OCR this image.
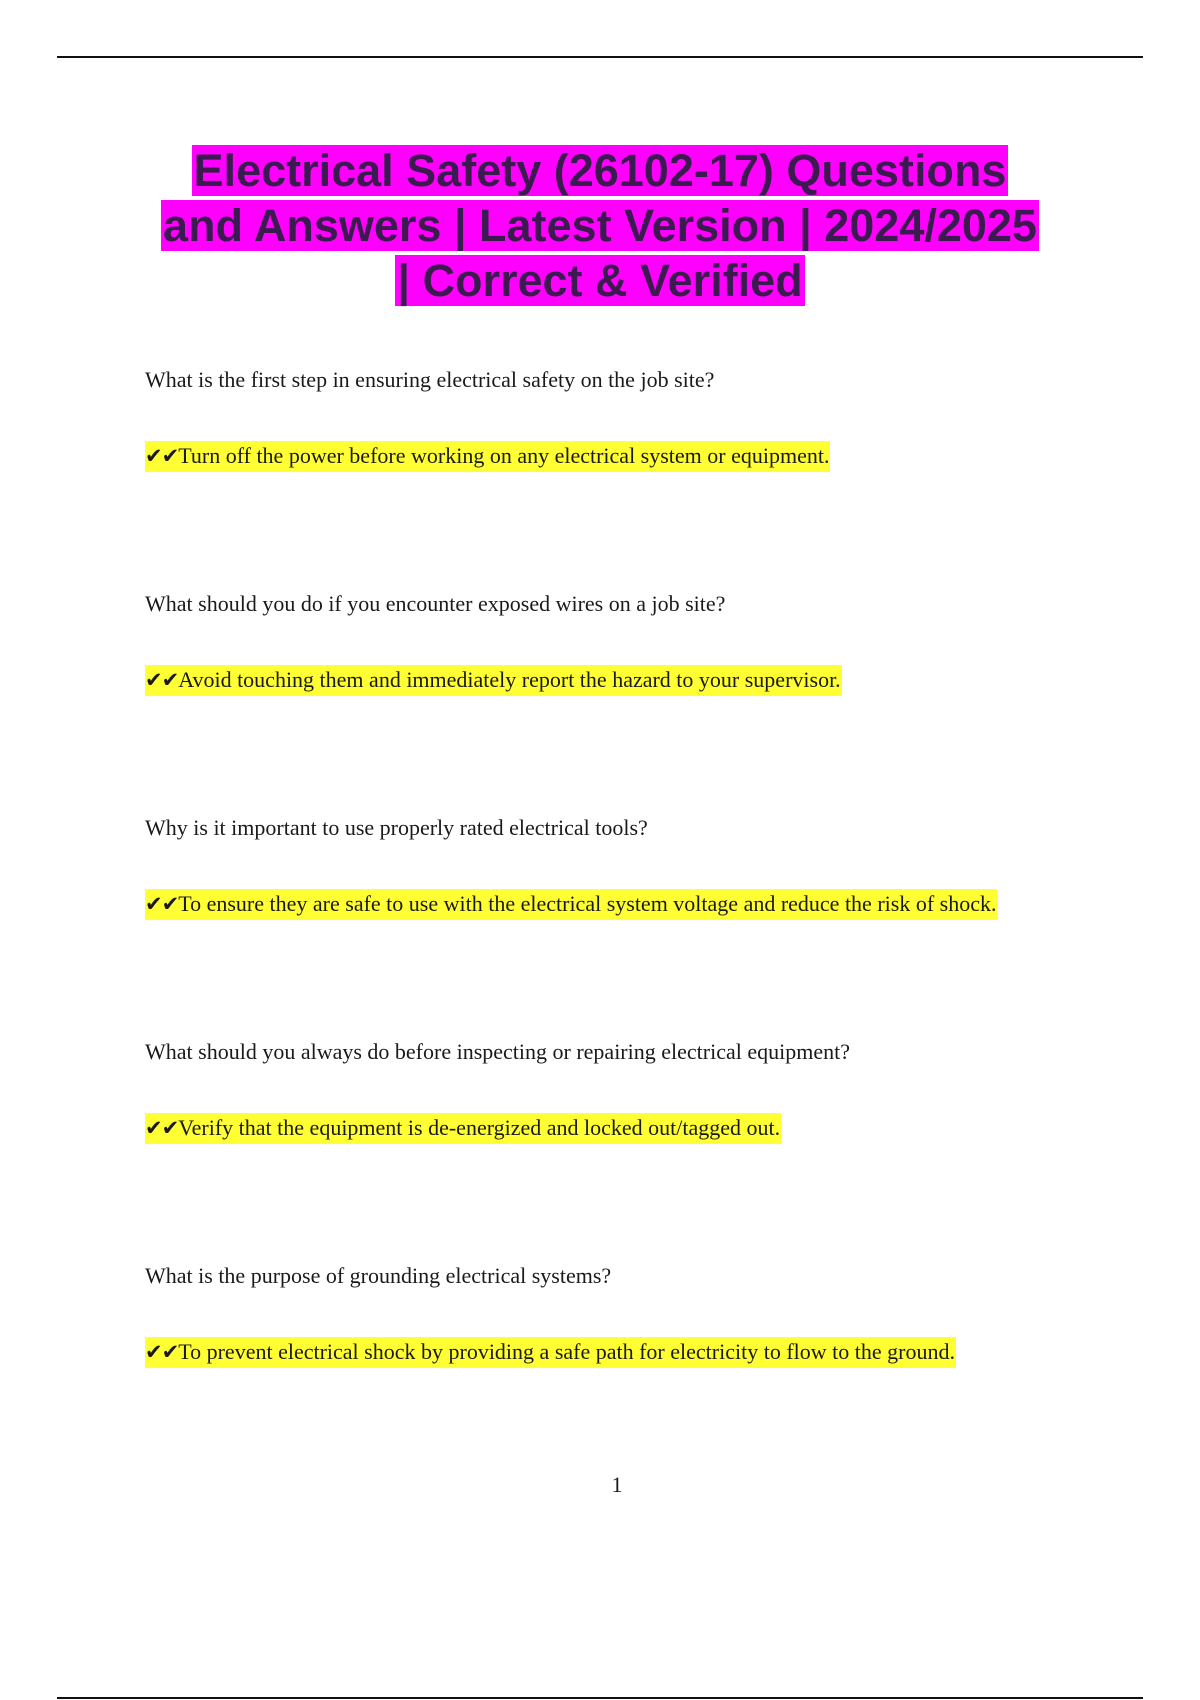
Electrical Safety (26102-17) Questions
and Answers | Latest Version | 2024/2025
| Correct & Verified
What is the first step in ensuring electrical safety on the job site?
✔✔Turn off the power before working on any electrical system or equipment.
What should you do if you encounter exposed wires on a job site?
✔✔Avoid touching them and immediately report the hazard to your supervisor.
Why is it important to use properly rated electrical tools?
✔✔To ensure they are safe to use with the electrical system voltage and reduce the risk of shock.
What should you always do before inspecting or repairing electrical equipment?
✔✔Verify that the equipment is de-energized and locked out/tagged out.
What is the purpose of grounding electrical systems?
✔✔To prevent electrical shock by providing a safe path for electricity to flow to the ground.
1
